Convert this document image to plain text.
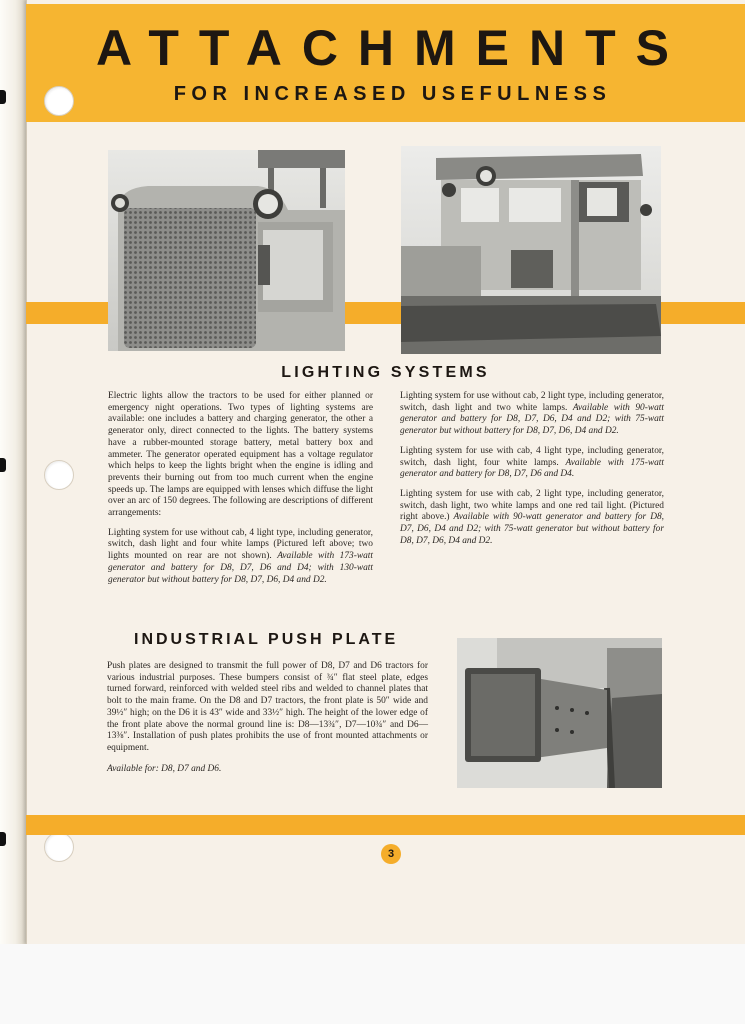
ATTACHMENTS
FOR INCREASED USEFULNESS
LIGHTING SYSTEMS

Electric lights allow the tractors to be used for either planned or emergency night operations. Two types of lighting systems are available: one includes a battery and charging generator, the other a generator only, direct connected to the lights. The battery systems have a rubber-mounted storage battery, metal battery box and ammeter. The generator operated equipment has a voltage regulator which helps to keep the lights bright when the engine is idling and prevents their burning out from too much current when the engine speeds up. The lamps are equipped with lenses which diffuse the light over an arc of 150 degrees. The following are descriptions of different arrangements:

Lighting system for use without cab, 4 light type, including generator, switch, dash light and four white lamps (Pictured left above; two lights mounted on rear are not shown). Available with 173-watt generator and battery for D8, D7, D6 and D4; with 130-watt generator but without battery for D8, D7, D6, D4 and D2.

Lighting system for use without cab, 2 light type, including generator, switch, dash light and two white lamps. Available with 90-watt generator and battery for D8, D7, D6, D4 and D2; with 75-watt generator but without battery for D8, D7, D6, D4 and D2.

Lighting system for use with cab, 4 light type, including generator, switch, dash light, four white lamps. Available with 175-watt generator and battery for D8, D7, D6 and D4.

Lighting system for use with cab, 2 light type, including generator, switch, dash light, two white lamps and one red tail light. (Pictured right above.) Available with 90-watt generator and battery for D8, D7, D6, D4 and D2; with 75-watt generator but without battery for D8, D7, D6, D4 and D2.

INDUSTRIAL PUSH PLATE

Push plates are designed to transmit the full power of D8, D7 and D6 tractors for various industrial purposes. These bumpers consist of ¾″ flat steel plate, edges turned forward, reinforced with welded steel ribs and welded to channel plates that bolt to the main frame. On the D8 and D7 tractors, the front plate is 50″ wide and 39½″ high; on the D6 it is 43″ wide and 33½″ high. The height of the lower edge of the front plate above the normal ground line is: D8—13¾″, D7—10¾″ and D6—13⅜″. Installation of push plates prohibits the use of front mounted attachments or equipment.

Available for: D8, D7 and D6.

3
